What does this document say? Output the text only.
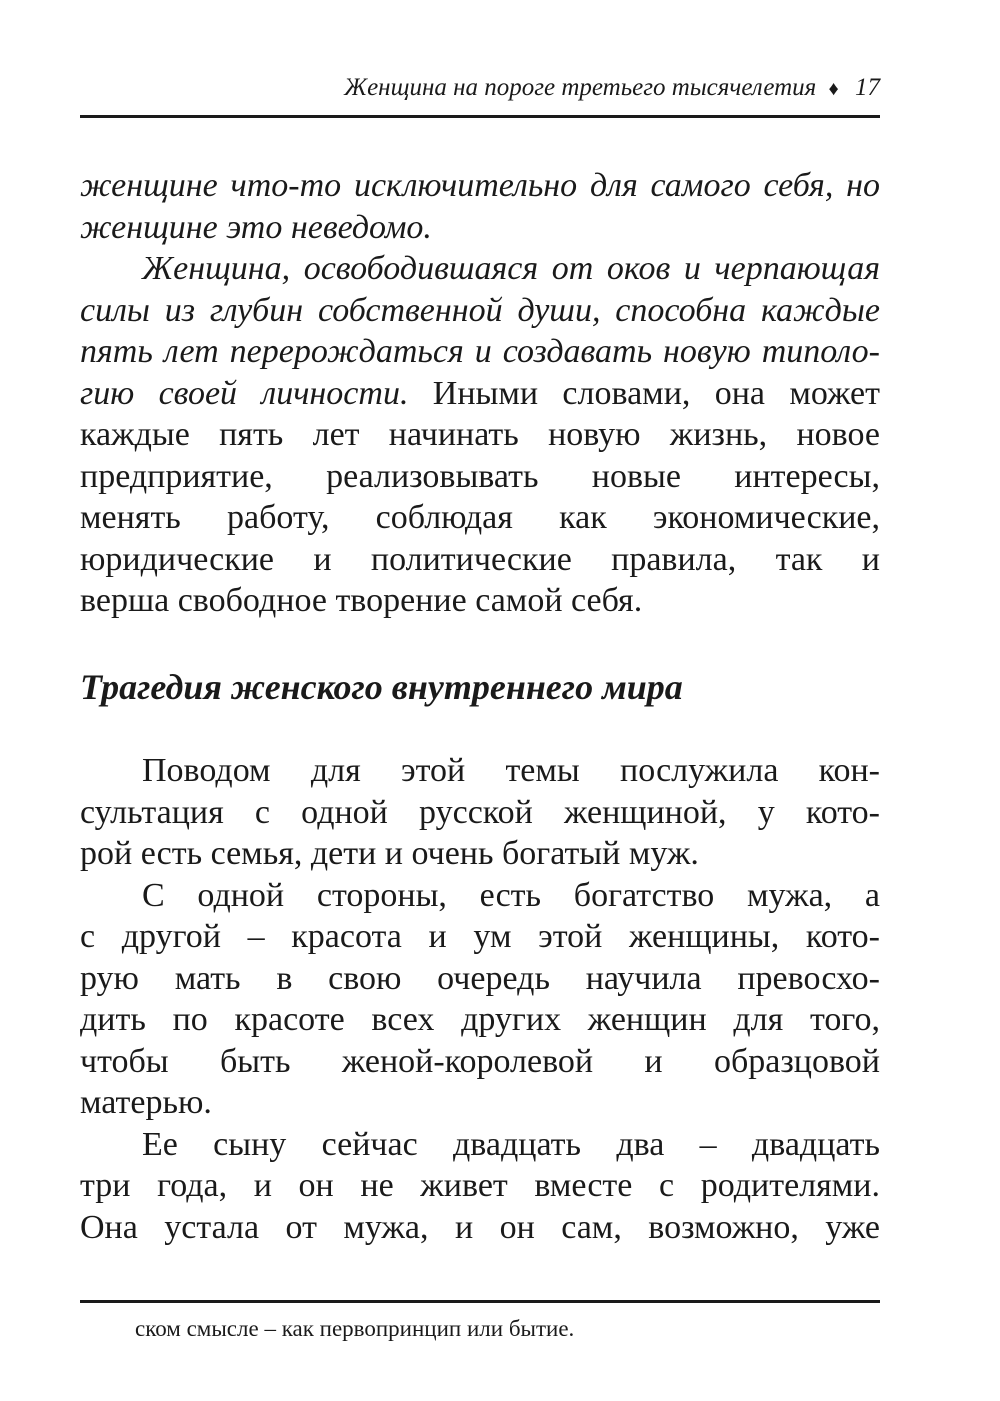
Женщина на пороге третьего тысячелетия ♦ 17

женщине что-то исключительно для самого себя, но
женщине это неведомо.

Женщина, освободившаяся от оков и черпающая
силы из глубин собственной души, способна каждые
пять лет перерождаться и создавать новую типоло-
гию своей личности. Иными словами, она может
каждые пять лет начинать новую жизнь, новое
предприятие, реализовывать новые интересы,
менять работу, соблюдая как экономические,
юридические и политические правила, так и
верша свободное творение самой себя.

Трагедия женского внутреннего мира

Поводом для этой темы послужила кон-
сультация с одной русской женщиной, у кото-
рой есть семья, дети и очень богатый муж.

С одной стороны, есть богатство мужа, а
с другой – красота и ум этой женщины, кото-
рую мать в свою очередь научила превосхо-
дить по красоте всех других женщин для того,
чтобы быть женой-королевой и образцовой
матерью.

Ее сыну сейчас двадцать два – двадцать
три года, и он не живет вместе с родителями.
Она устала от мужа, и он сам, возможно, уже

ском смысле – как первопринцип или бытие.
